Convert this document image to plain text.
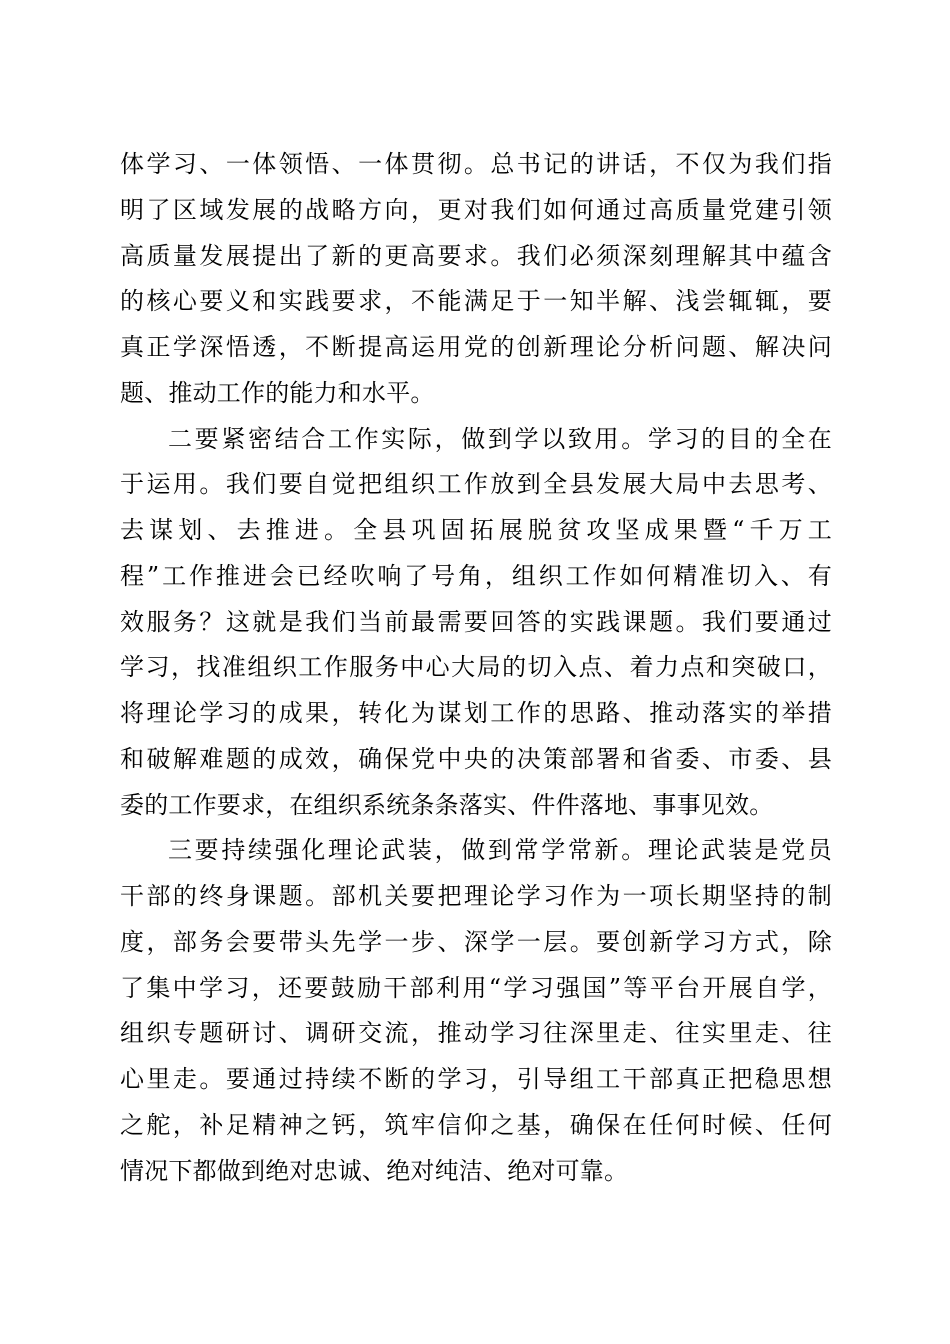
体学习、一体领悟、一体贯彻。总书记的讲话，不仅为我们指
明了区域发展的战略方向，更对我们如何通过高质量党建引领
高质量发展提出了新的更高要求。我们必须深刻理解其中蕴含
的核心要义和实践要求，不能满足于一知半解、浅尝辄辄，要
真正学深悟透，不断提高运用党的创新理论分析问题、解决问
题、推动工作的能力和水平。
二要紧密结合工作实际，做到学以致用。学习的目的全在
于运用。我们要自觉把组织工作放到全县发展大局中去思考、
去谋划、去推进。全县巩固拓展脱贫攻坚成果暨“千万工
程”工作推进会已经吹响了号角，组织工作如何精准切入、有
效服务？这就是我们当前最需要回答的实践课题。我们要通过
学习，找准组织工作服务中心大局的切入点、着力点和突破口，
将理论学习的成果，转化为谋划工作的思路、推动落实的举措
和破解难题的成效，确保党中央的决策部署和省委、市委、县
委的工作要求，在组织系统条条落实、件件落地、事事见效。
三要持续强化理论武装，做到常学常新。理论武装是党员
干部的终身课题。部机关要把理论学习作为一项长期坚持的制
度，部务会要带头先学一步、深学一层。要创新学习方式，除
了集中学习，还要鼓励干部利用“学习强国”等平台开展自学，
组织专题研讨、调研交流，推动学习往深里走、往实里走、往
心里走。要通过持续不断的学习，引导组工干部真正把稳思想
之舵，补足精神之钙，筑牢信仰之基，确保在任何时候、任何
情况下都做到绝对忠诚、绝对纯洁、绝对可靠。
